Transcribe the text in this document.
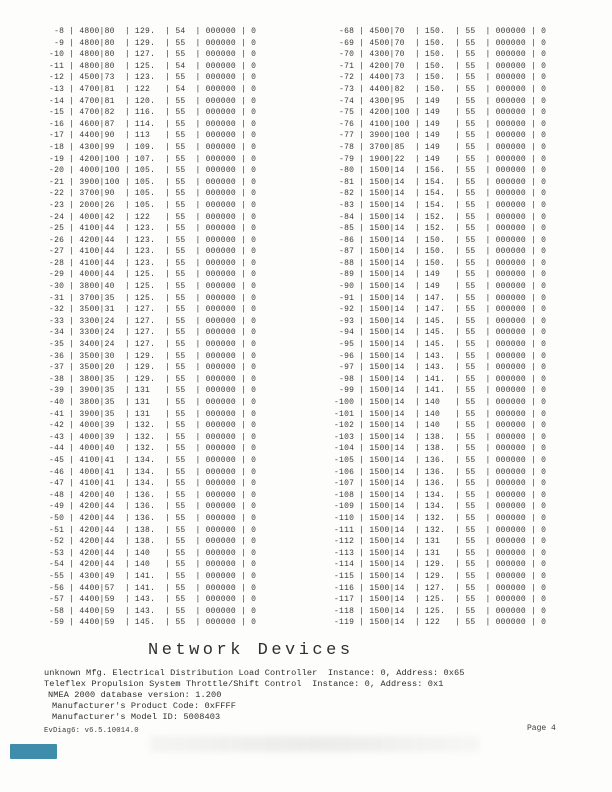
-8 | 4800|80  | 129.  | 54  | 000000 | 0
-9 | 4800|80  | 129.  | 55  | 000000 | 0
-10 | 4800|80  | 127.  | 55  | 000000 | 0
-11 | 4800|80  | 125.  | 54  | 000000 | 0
-12 | 4500|73  | 123.  | 55  | 000000 | 0
-13 | 4700|81  | 122   | 54  | 000000 | 0
-14 | 4700|81  | 120.  | 55  | 000000 | 0
-15 | 4700|82  | 116.  | 55  | 000000 | 0
-16 | 4600|87  | 114.  | 55  | 000000 | 0
-17 | 4400|90  | 113   | 55  | 000000 | 0
-18 | 4300|99  | 109.  | 55  | 000000 | 0
-19 | 4200|100 | 107.  | 55  | 000000 | 0
-20 | 4000|100 | 105.  | 55  | 000000 | 0
-21 | 3900|100 | 105.  | 55  | 000000 | 0
-22 | 3700|90  | 105.  | 55  | 000000 | 0
-23 | 2000|26  | 105.  | 55  | 000000 | 0
-24 | 4000|42  | 122   | 55  | 000000 | 0
-25 | 4100|44  | 123.  | 55  | 000000 | 0
-26 | 4200|44  | 123.  | 55  | 000000 | 0
-27 | 4100|44  | 123.  | 55  | 000000 | 0
-28 | 4100|44  | 123.  | 55  | 000000 | 0
-29 | 4000|44  | 125.  | 55  | 000000 | 0
-30 | 3800|40  | 125.  | 55  | 000000 | 0
-31 | 3700|35  | 125.  | 55  | 000000 | 0
-32 | 3500|31  | 127.  | 55  | 000000 | 0
-33 | 3300|24  | 127.  | 55  | 000000 | 0
-34 | 3300|24  | 127.  | 55  | 000000 | 0
-35 | 3400|24  | 127.  | 55  | 000000 | 0
-36 | 3500|30  | 129.  | 55  | 000000 | 0
-37 | 3500|20  | 129.  | 55  | 000000 | 0
-38 | 3800|35  | 129.  | 55  | 000000 | 0
-39 | 3900|35  | 131   | 55  | 000000 | 0
-40 | 3800|35  | 131   | 55  | 000000 | 0
-41 | 3900|35  | 131   | 55  | 000000 | 0
-42 | 4000|39  | 132.  | 55  | 000000 | 0
-43 | 4000|39  | 132.  | 55  | 000000 | 0
-44 | 4000|40  | 132.  | 55  | 000000 | 0
-45 | 4100|41  | 134.  | 55  | 000000 | 0
-46 | 4000|41  | 134.  | 55  | 000000 | 0
-47 | 4100|41  | 134.  | 55  | 000000 | 0
-48 | 4200|40  | 136.  | 55  | 000000 | 0
-49 | 4200|44  | 136.  | 55  | 000000 | 0
-50 | 4200|44  | 136.  | 55  | 000000 | 0
-51 | 4200|44  | 138.  | 55  | 000000 | 0
-52 | 4200|44  | 138.  | 55  | 000000 | 0
-53 | 4200|44  | 140   | 55  | 000000 | 0
-54 | 4200|44  | 140   | 55  | 000000 | 0
-55 | 4300|49  | 141.  | 55  | 000000 | 0
-56 | 4400|57  | 141.  | 55  | 000000 | 0
-57 | 4400|59  | 143.  | 55  | 000000 | 0
-58 | 4400|59  | 143.  | 55  | 000000 | 0
-59 | 4400|59  | 145.  | 55  | 000000 | 0
-68 | 4500|70  | 150.  | 55  | 000000 | 0
-69 | 4500|70  | 150.  | 55  | 000000 | 0
-70 | 4300|70  | 150.  | 55  | 000000 | 0
-71 | 4200|70  | 150.  | 55  | 000000 | 0
-72 | 4400|73  | 150.  | 55  | 000000 | 0
-73 | 4400|82  | 150.  | 55  | 000000 | 0
-74 | 4300|95  | 149   | 55  | 000000 | 0
-75 | 4200|100 | 149   | 55  | 000000 | 0
-76 | 4100|100 | 149   | 55  | 000000 | 0
-77 | 3900|100 | 149   | 55  | 000000 | 0
-78 | 3700|85  | 149   | 55  | 000000 | 0
-79 | 1900|22  | 149   | 55  | 000000 | 0
-80 | 1500|14  | 156.  | 55  | 000000 | 0
-81 | 1500|14  | 154.  | 55  | 000000 | 0
-82 | 1500|14  | 154.  | 55  | 000000 | 0
-83 | 1500|14  | 154.  | 55  | 000000 | 0
-84 | 1500|14  | 152.  | 55  | 000000 | 0
-85 | 1500|14  | 152.  | 55  | 000000 | 0
-86 | 1500|14  | 150.  | 55  | 000000 | 0
-87 | 1500|14  | 150.  | 55  | 000000 | 0
-88 | 1500|14  | 150.  | 55  | 000000 | 0
-89 | 1500|14  | 149   | 55  | 000000 | 0
-90 | 1500|14  | 149   | 55  | 000000 | 0
-91 | 1500|14  | 147.  | 55  | 000000 | 0
-92 | 1500|14  | 147.  | 55  | 000000 | 0
-93 | 1500|14  | 145.  | 55  | 000000 | 0
-94 | 1500|14  | 145.  | 55  | 000000 | 0
-95 | 1500|14  | 145.  | 55  | 000000 | 0
-96 | 1500|14  | 143.  | 55  | 000000 | 0
-97 | 1500|14  | 143.  | 55  | 000000 | 0
-98 | 1500|14  | 141.  | 55  | 000000 | 0
-99 | 1500|14  | 141.  | 55  | 000000 | 0
-100 | 1500|14  | 140   | 55  | 000000 | 0
-101 | 1500|14  | 140   | 55  | 000000 | 0
-102 | 1500|14  | 140   | 55  | 000000 | 0
-103 | 1500|14  | 138.  | 55  | 000000 | 0
-104 | 1500|14  | 138.  | 55  | 000000 | 0
-105 | 1500|14  | 136.  | 55  | 000000 | 0
-106 | 1500|14  | 136.  | 55  | 000000 | 0
-107 | 1500|14  | 136.  | 55  | 000000 | 0
-108 | 1500|14  | 134.  | 55  | 000000 | 0
-109 | 1500|14  | 134.  | 55  | 000000 | 0
-110 | 1500|14  | 132.  | 55  | 000000 | 0
-111 | 1500|14  | 132.  | 55  | 000000 | 0
-112 | 1500|14  | 131   | 55  | 000000 | 0
-113 | 1500|14  | 131   | 55  | 000000 | 0
-114 | 1500|14  | 129.  | 55  | 000000 | 0
-115 | 1500|14  | 129.  | 55  | 000000 | 0
-116 | 1500|14  | 127.  | 55  | 000000 | 0
-117 | 1500|14  | 125.  | 55  | 000000 | 0
-118 | 1500|14  | 125.  | 55  | 000000 | 0
-119 | 1500|14  | 122   | 55  | 000000 | 0
Network Devices
unknown Mfg. Electrical Distribution Load Controller  Instance: 0, Address: 0x65
Teleflex Propulsion System Throttle/Shift Control  Instance: 0, Address: 0x1
NMEA 2000 database version: 1.200
Manufacturer's Product Code: 0xFFFF
Manufacturer's Model ID: 5008403
EvDiag6: v6.5.10014.0	Page 4
